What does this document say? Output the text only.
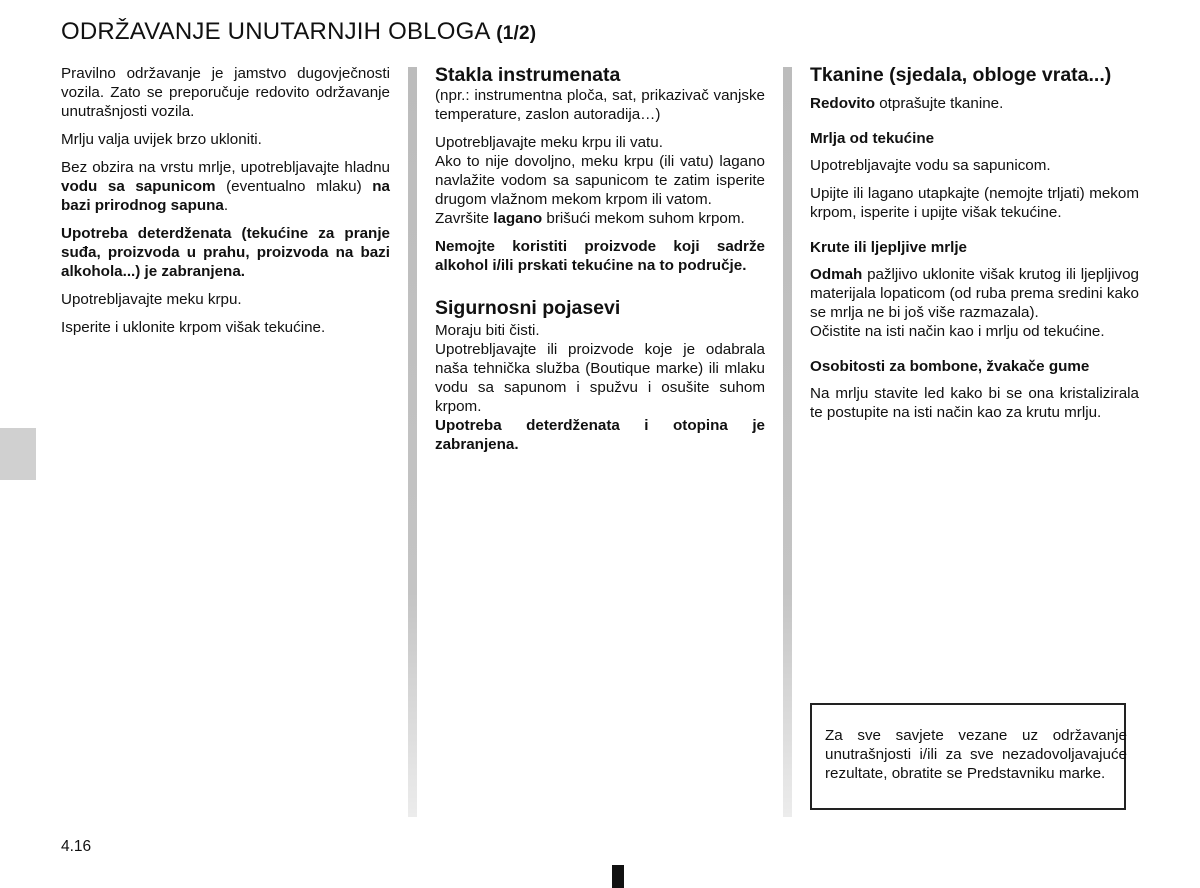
ODRŽAVANJE UNUTARNJIH OBLOGA (1/2)

Pravilno održavanje je jamstvo dugovječnosti vozila. Zato se preporučuje redovito održavanje unutrašnjosti vozila.

Mrlju valja uvijek brzo ukloniti.

Bez obzira na vrstu mrlje, upotrebljavajte hladnu vodu sa sapunicom (eventualno mlaku) na bazi prirodnog sapuna.

Upotreba deterdženata (tekućine za pranje suđa, proizvoda u prahu, proizvoda na bazi alkohola...) je zabranjena.

Upotrebljavajte meku krpu.

Isperite i uklonite krpom višak tekućine.

Stakla instrumenata

(npr.: instrumentna ploča, sat, prikazivač vanjske temperature, zaslon autoradija…)

Upotrebljavajte meku krpu ili vatu.

Ako to nije dovoljno, meku krpu (ili vatu) lagano navlažite vodom sa sapunicom te zatim isperite drugom vlažnom mekom krpom ili vatom.

Završite lagano brišući mekom suhom krpom.

Nemojte koristiti proizvode koji sadrže alkohol i/ili prskati tekućine na to područje.

Sigurnosni pojasevi

Moraju biti čisti.

Upotrebljavajte ili proizvode koje je odabrala naša tehnička služba (Boutique marke) ili mlaku vodu sa sapunom i spužvu i osušite suhom krpom.

Upotreba deterdženata i otopina je zabranjena.

Tkanine (sjedala, obloge vrata...)

Redovito otprašujte tkanine.

Mrlja od tekućine

Upotrebljavajte vodu sa sapunicom.

Upijte ili lagano utapkajte (nemojte trljati) mekom krpom, isperite i upijte višak tekućine.

Krute ili ljepljive mrlje

Odmah pažljivo uklonite višak krutog ili ljepljivog materijala lopaticom (od ruba prema sredini kako se mrlja ne bi još više razmazala).

Očistite na isti način kao i mrlju od tekućine.

Osobitosti za bombone, žvakače gume

Na mrlju stavite led kako bi se ona kristalizirala te postupite na isti način kao za krutu mrlju.

Za sve savjete vezane uz održavanje unutrašnjosti i/ili za sve nezadovoljavajuće rezultate, obratite se Predstavniku marke.

4.16
